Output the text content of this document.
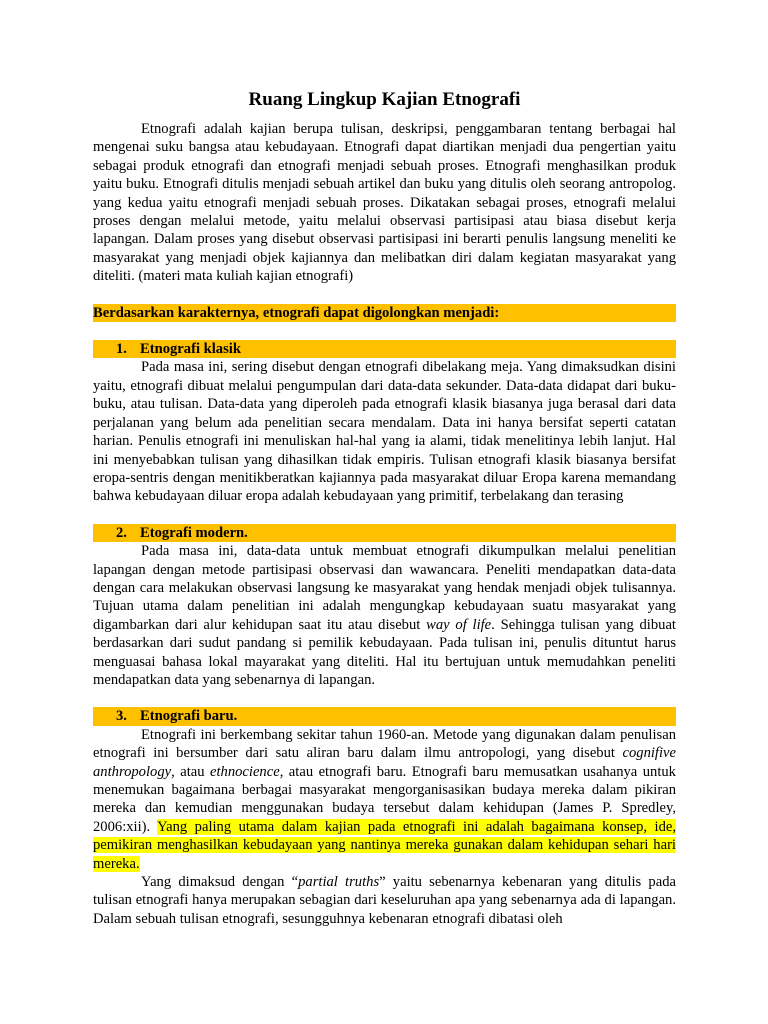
Ruang Lingkup Kajian Etnografi

Etnografi adalah kajian berupa tulisan, deskripsi, penggambaran tentang berbagai hal mengenai suku bangsa atau kebudayaan. Etnografi dapat diartikan menjadi dua pengertian yaitu sebagai produk etnografi dan etnografi menjadi sebuah proses. Etnografi menghasilkan produk yaitu buku. Etnografi ditulis menjadi sebuah artikel dan buku yang ditulis oleh seorang antropolog. yang kedua yaitu etnografi menjadi sebuah proses. Dikatakan sebagai proses, etnografi melalui proses dengan melalui metode, yaitu melalui observasi partisipasi atau biasa disebut kerja lapangan. Dalam proses yang disebut observasi partisipasi ini berarti penulis langsung meneliti ke masyarakat yang menjadi objek kajiannya dan melibatkan diri dalam kegiatan masyarakat yang diteliti. (materi mata kuliah kajian etnografi)

Berdasarkan karakternya, etnografi dapat digolongkan menjadi:
1. Etnografi klasik

Pada masa ini, sering disebut dengan etnografi dibelakang meja. Yang dimaksudkan disini yaitu, etnografi dibuat melalui pengumpulan dari data-data sekunder. Data-data didapat dari buku-buku, atau tulisan. Data-data yang diperoleh pada etnografi klasik biasanya juga berasal dari data perjalanan yang belum ada penelitian secara mendalam. Data ini hanya bersifat seperti catatan harian. Penulis etnografi ini menuliskan hal-hal yang ia alami, tidak menelitinya lebih lanjut. Hal ini menyebabkan tulisan yang dihasilkan tidak empiris. Tulisan etnografi klasik biasanya bersifat eropa-sentris dengan menitikberatkan kajiannya pada masyarakat diluar Eropa karena memandang bahwa kebudayaan diluar eropa adalah kebudayaan yang primitif, terbelakang dan terasing

2. Etografi modern.

Pada masa ini, data-data untuk membuat etnografi dikumpulkan melalui penelitian lapangan dengan metode partisipasi observasi dan wawancara. Peneliti mendapatkan data-data dengan cara melakukan observasi langsung ke masyarakat yang hendak menjadi objek tulisannya. Tujuan utama dalam penelitian ini adalah mengungkap kebudayaan suatu masyarakat yang digambarkan dari alur kehidupan saat itu atau disebut way of life. Sehingga tulisan yang dibuat berdasarkan dari sudut pandang si pemilik kebudayaan. Pada tulisan ini, penulis dituntut harus menguasai bahasa lokal mayarakat yang diteliti. Hal itu bertujuan untuk memudahkan peneliti mendapatkan data yang sebenarnya di lapangan.

3. Etnografi baru.

Etnografi ini berkembang sekitar tahun 1960-an. Metode yang digunakan dalam penulisan etnografi ini bersumber dari satu aliran baru dalam ilmu antropologi, yang disebut cognifive anthropology, atau ethnocience, atau etnografi baru. Etnografi baru memusatkan usahanya untuk menemukan bagaimana berbagai masyarakat mengorganisasikan budaya mereka dalam pikiran mereka dan kemudian menggunakan budaya tersebut dalam kehidupan (James P. Spredley, 2006:xii). Yang paling utama dalam kajian pada etnografi ini adalah bagaimana konsep, ide, pemikiran menghasilkan kebudayaan yang nantinya mereka gunakan dalam kehidupan sehari hari mereka.

Yang dimaksud dengan “partial truths” yaitu sebenarnya kebenaran yang ditulis pada tulisan etnografi hanya merupakan sebagian dari keseluruhan apa yang sebenarnya ada di lapangan. Dalam sebuah tulisan etnografi, sesungguhnya kebenaran etnografi dibatasi oleh
